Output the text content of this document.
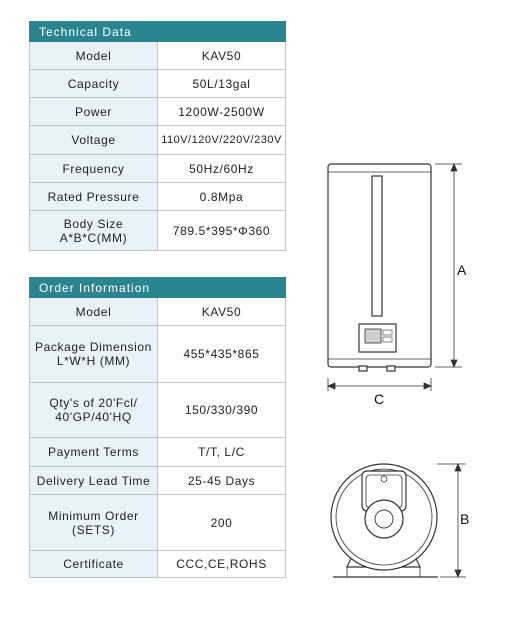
Technical Data	
Model	KAV50
Capacity	50L/13gal
Power	1200W-2500W
Voltage	110V/120V/220V/230V
Frequency	50Hz/60Hz
Rated Pressure	0.8Mpa
Body Size
A*B*C(MM)	789.5*395*Φ360
Order Information	
Model	KAV50
Package Dimension
L*W*H (MM)	455*435*865
Qty's of 20'Fcl/
40'GP/40'HQ	150/330/390
Payment Terms	T/T, L/C
Delivery Lead Time	25-45 Days
Minimum Order
(SETS)	200
Certificate	CCC,CE,ROHS
A
C
B
